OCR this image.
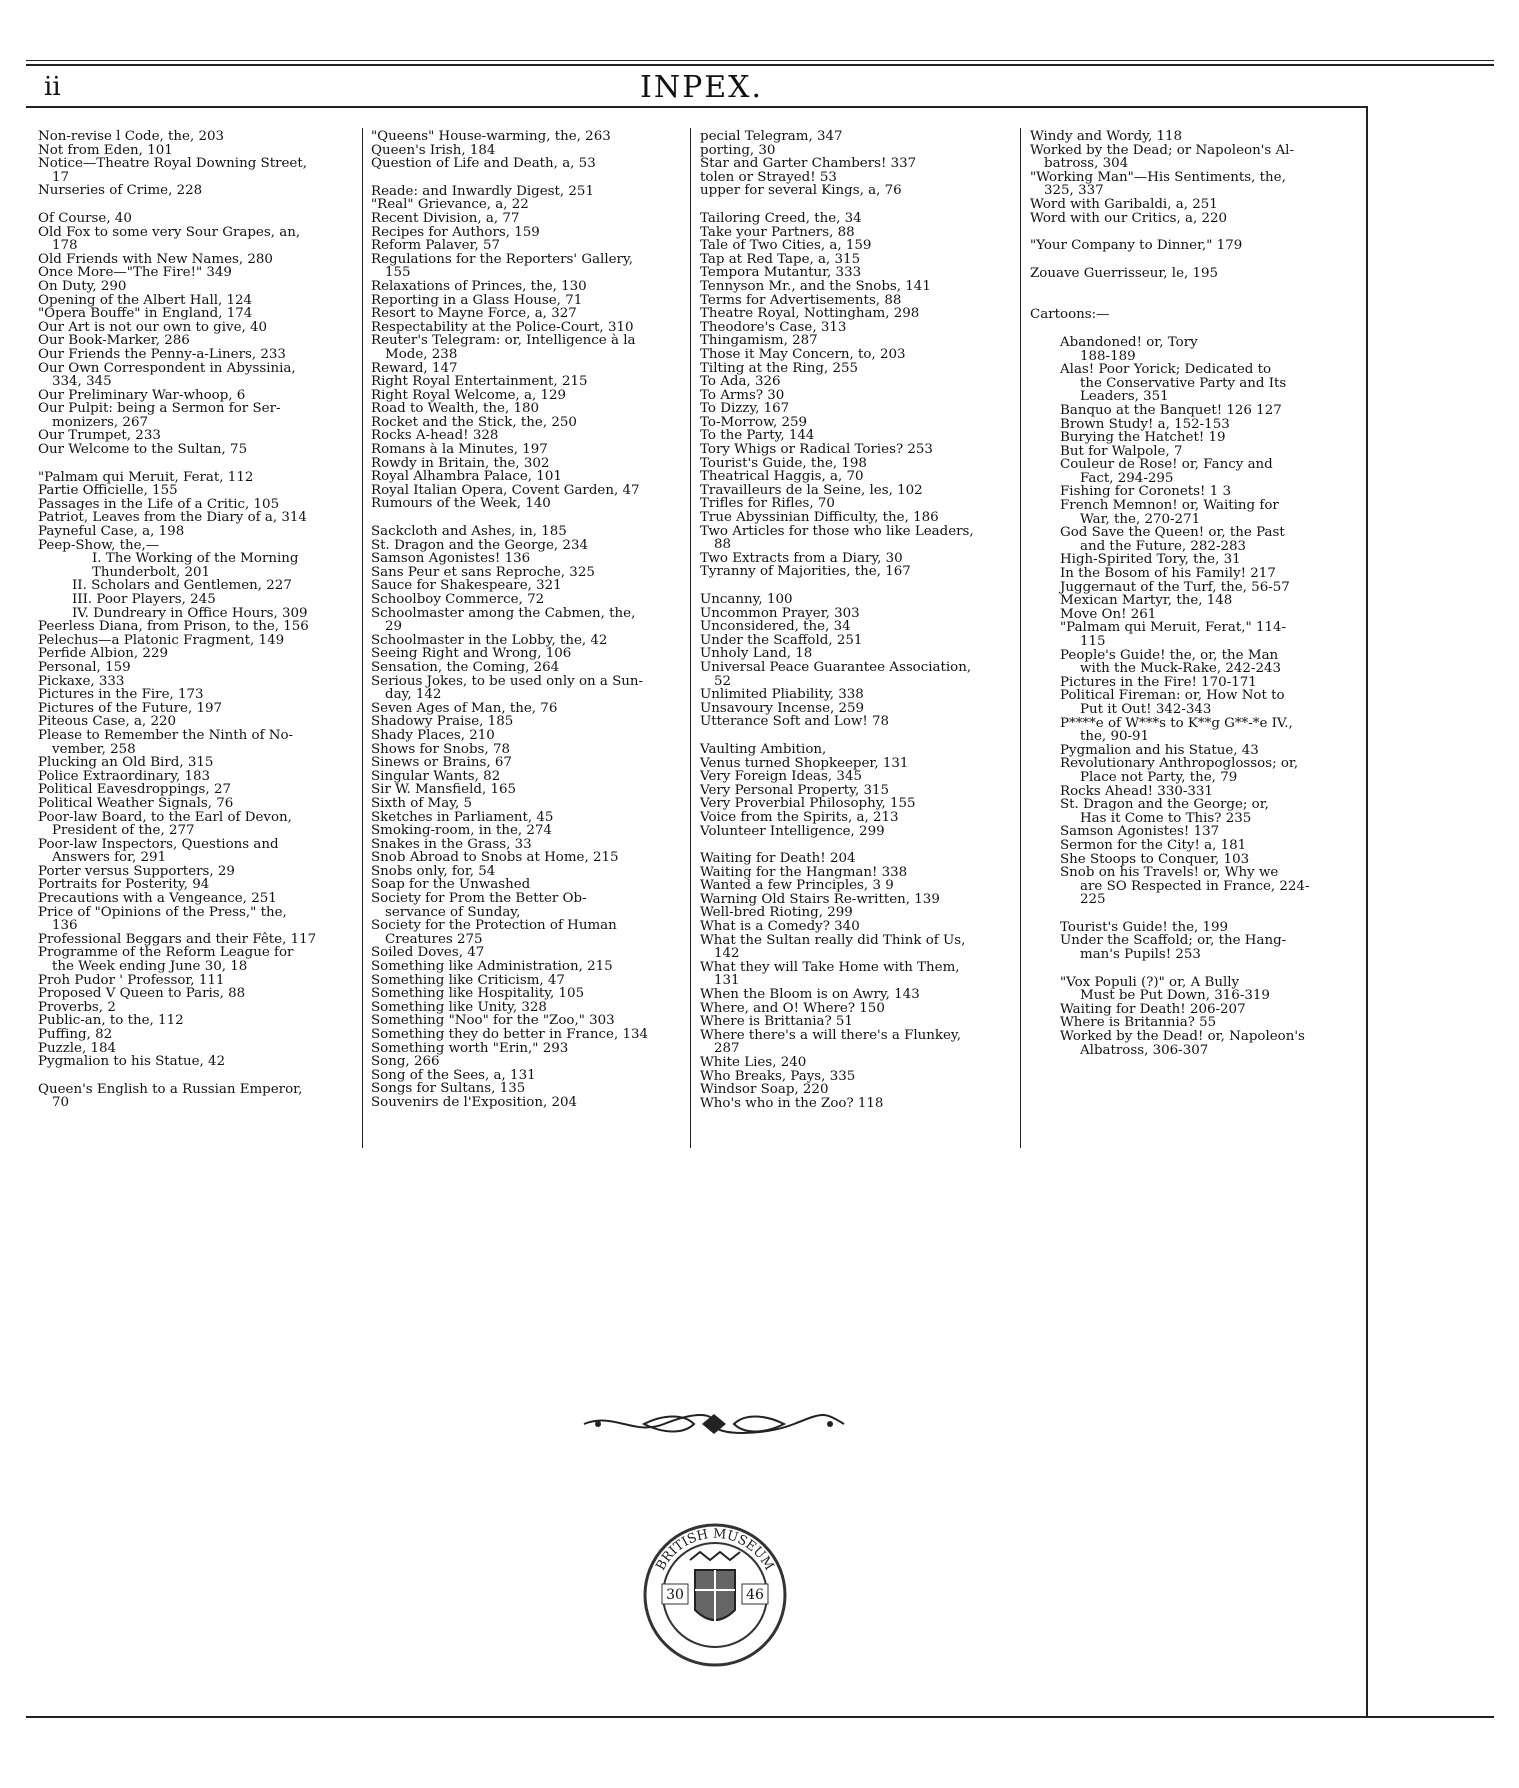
ii	INPEX.
Non-revise l Code, the, 203
Not from Eden, 101
Notice—Theatre Royal Downing Street,
17
Nurseries of Crime, 228
Of Course, 40
Old Fox to some very Sour Grapes, an,
178
Old Friends with New Names, 280
Once More—"The Fire!" 349
On Duty, 290
Opening of the Albert Hall, 124
"Opera Bouffe" in England, 174
Our Art is not our own to give, 40
Our Book-Marker, 286
Our Friends the Penny-a-Liners, 233
Our Own Correspondent in Abyssinia,
334, 345
Our Preliminary War-whoop, 6
Our Pulpit: being a Sermon for Ser-
monizers, 267
Our Trumpet, 233
Our Welcome to the Sultan, 75
"Palmam qui Meruit, Ferat, 112
Partie Officielle, 155
Passages in the Life of a Critic, 105
Patriot, Leaves from the Diary of a, 314
Payneful Case, a, 198
Peep-Show, the,—
I. The Working of the Morning
Thunderbolt, 201
II. Scholars and Gentlemen, 227
III. Poor Players, 245
IV. Dundreary in Office Hours, 309
Peerless Diana, from Prison, to the, 156
Pelechus—a Platonic Fragment, 149
Perfide Albion, 229
Personal, 159
Pickaxe, 333
Pictures in the Fire, 173
Pictures of the Future, 197
Piteous Case, a, 220
Please to Remember the Ninth of No-
vember, 258
Plucking an Old Bird, 315
Police Extraordinary, 183
Political Eavesdroppings, 27
Political Weather Signals, 76
Poor-law Board, to the Earl of Devon,
President of the, 277
Poor-law Inspectors, Questions and
Answers for, 291
Porter versus Supporters, 29
Portraits for Posterity, 94
Precautions with a Vengeance, 251
Price of "Opinions of the Press," the,
136
Professional Beggars and their Fête, 117
Programme of the Reform League for
the Week ending June 30, 18
Proh Pudor ' Professor, 111
Proposed V Queen to Paris, 88
Proverbs, 2
Public-an, to the, 112
Puffing, 82
Puzzle, 184
Pygmalion to his Statue, 42
Queen's English to a Russian Emperor,
70
"Queens" House-warming, the, 263
Queen's Irish, 184
Question of Life and Death, a, 53
Reade: and Inwardly Digest, 251
"Real" Grievance, a, 22
Recent Division, a, 77
Recipes for Authors, 159
Reform Palaver, 57
Regulations for the Reporters' Gallery,
155
Relaxations of Princes, the, 130
Reporting in a Glass House, 71
Resort to Mayne Force, a, 327
Respectability at the Police-Court, 310
Reuter's Telegram: or, Intelligence à la
Mode, 238
Reward, 147
Right Royal Entertainment, 215
Right Royal Welcome, a, 129
Road to Wealth, the, 180
Rocket and the Stick, the, 250
Rocks A-head! 328
Romans à la Minutes, 197
Rowdy in Britain, the, 302
Royal Alhambra Palace, 101
Royal Italian Opera, Covent Garden, 47
Rumours of the Week, 140
Sackcloth and Ashes, in, 185
St. Dragon and the George, 234
Samson Agonistes! 136
Sans Peur et sans Reproche, 325
Sauce for Shakespeare, 321
Schoolboy Commerce, 72
Schoolmaster among the Cabmen, the,
29
Schoolmaster in the Lobby, the, 42
Seeing Right and Wrong, 106
Sensation, the Coming, 264
Serious Jokes, to be used only on a Sun-
day, 142
Seven Ages of Man, the, 76
Shadowy Praise, 185
Shady Places, 210
Shows for Snobs, 78
Sinews or Brains, 67
Singular Wants, 82
Sir W. Mansfield, 165
Sixth of May, 5
Sketches in Parliament, 45
Smoking-room, in the, 274
Snakes in the Grass, 33
Snob Abroad to Snobs at Home, 215
Snobs only, for, 54
Soap for the Unwashed
Society for Prom the Better Ob-
servance of Sunday,
Society for the Protection of Human
Creatures 275
Soiled Doves, 47
Something like Administration, 215
Something like Criticism, 47
Something like Hospitality, 105
Something like Unity, 328
Something "Noo" for the "Zoo," 303
Something they do better in France, 134
Something worth "Erin," 293
Song, 266
Song of the Sees, a, 131
Songs for Sultans, 135
Souvenirs de l'Exposition, 204
pecial Telegram, 347
porting, 30
Star and Garter Chambers! 337
tolen or Strayed! 53
upper for several Kings, a, 76
Tailoring Creed, the, 34
Take your Partners, 88
Tale of Two Cities, a, 159
Tap at Red Tape, a, 315
Tempora Mutantur, 333
Tennyson Mr., and the Snobs, 141
Terms for Advertisements, 88
Theatre Royal, Nottingham, 298
Theodore's Case, 313
Thingamism, 287
Those it May Concern, to, 203
Tilting at the Ring, 255
To Ada, 326
To Arms? 30
To Dizzy, 167
To-Morrow, 259
To the Party, 144
Tory Whigs or Radical Tories? 253
Tourist's Guide, the, 198
Theatrical Haggis, a, 70
Travailleurs de la Seine, les, 102
Trifles for Rifles, 70
True Abyssinian Difficulty, the, 186
Two Articles for those who like Leaders,
88
Two Extracts from a Diary, 30
Tyranny of Majorities, the, 167
Uncanny, 100
Uncommon Prayer, 303
Unconsidered, the, 34
Under the Scaffold, 251
Unholy Land, 18
Universal Peace Guarantee Association,
52
Unlimited Pliability, 338
Unsavoury Incense, 259
Utterance Soft and Low! 78
Vaulting Ambition,
Venus turned Shopkeeper, 131
Very Foreign Ideas, 345
Very Personal Property, 315
Very Proverbial Philosophy, 155
Voice from the Spirits, a, 213
Volunteer Intelligence, 299
Waiting for Death! 204
Waiting for the Hangman! 338
Wanted a few Principles, 3 9
Warning Old Stairs Re-written, 139
Well-bred Rioting, 299
What is a Comedy? 340
What the Sultan really did Think of Us,
142
What they will Take Home with Them,
131
When the Bloom is on Awry, 143
Where, and O! Where? 150
Where is Brittania? 51
Where there's a will there's a Flunkey,
287
White Lies, 240
Who Breaks, Pays, 335
Windsor Soap, 220
Who's who in the Zoo? 118
Windy and Wordy, 118
Worked by the Dead; or Napoleon's Al-
batross, 304
"Working Man"—His Sentiments, the,
325, 337
Word with Garibaldi, a, 251
Word with our Critics, a, 220
"Your Company to Dinner," 179
Zouave Guerrisseur, le, 195
Cartoons:—
Abandoned! or, Tory
188-189
Alas! Poor Yorick; Dedicated to
the Conservative Party and Its
Leaders, 351
Banquo at the Banquet! 126 127
Brown Study! a, 152-153
Burying the Hatchet! 19
But for Walpole, 7
Couleur de Rose! or, Fancy and
Fact, 294-295
Fishing for Coronets! 1 3
French Memnon! or, Waiting for
War, the, 270-271
God Save the Queen! or, the Past
and the Future, 282-283
High-Spirited Tory, the, 31
In the Bosom of his Family! 217
Juggernaut of the Turf, the, 56-57
Mexican Martyr, the, 148
Move On! 261
"Palmam qui Meruit, Ferat," 114-
115
People's Guide! the, or, the Man
with the Muck-Rake, 242-243
Pictures in the Fire! 170-171
Political Fireman: or, How Not to
Put it Out! 342-343
P****e of W***s to K**g G**-*e IV.,
the, 90-91
Pygmalion and his Statue, 43
Revolutionary Anthropoglossos; or,
Place not Party, the, 79
Rocks Ahead! 330-331
St. Dragon and the George; or,
Has it Come to This? 235
Samson Agonistes! 137
Sermon for the City! a, 181
She Stoops to Conquer, 103
Snob on his Travels! or, Why we
are SO Respected in France, 224-
225
Tourist's Guide! the, 199
Under the Scaffold; or, the Hang-
man's Pupils! 253
"Vox Populi (?)" or, A Bully
Must be Put Down, 316-319
Waiting for Death! 206-207
Where is Britannia? 55
Worked by the Dead! or, Napoleon's
Albatross, 306-307
BRITISH MUSEUM
30	46
